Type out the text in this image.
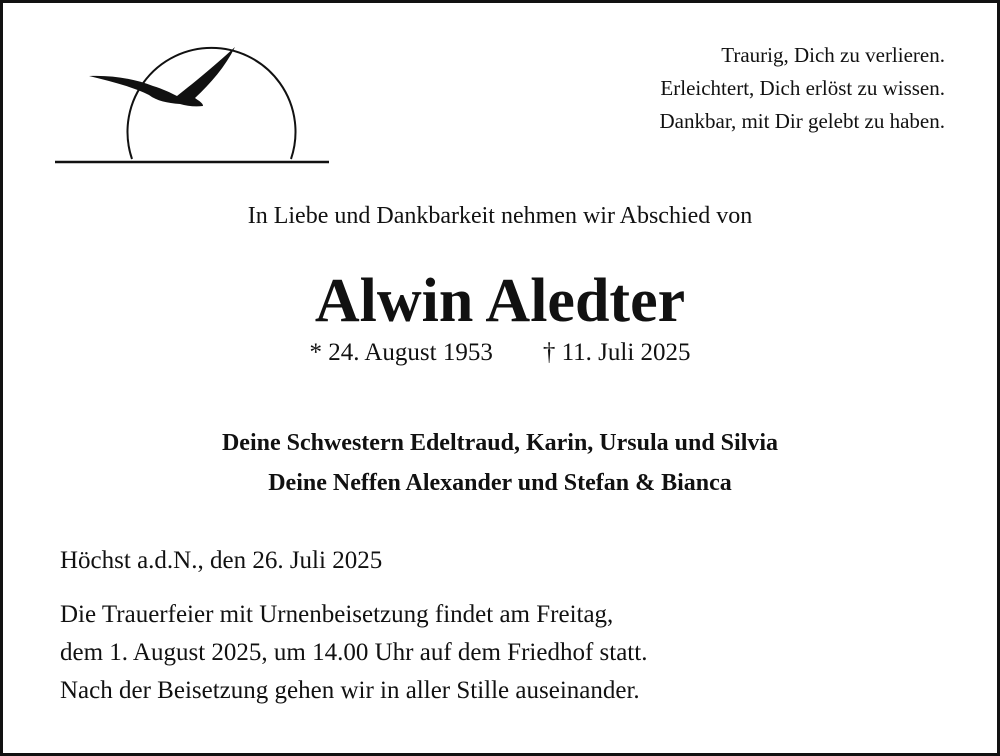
Traurig, Dich zu verlieren.
Erleichtert, Dich erlöst zu wissen.
Dankbar, mit Dir gelebt zu haben.
In Liebe und Dankbarkeit nehmen wir Abschied von
Alwin Aledter
* 24. August 1953 † 11. Juli 2025
Deine Schwestern Edeltraud, Karin, Ursula und Silvia
Deine Neffen Alexander und Stefan & Bianca
Höchst a.d.N., den 26. Juli 2025
Die Trauerfeier mit Urnenbeisetzung findet am Freitag,
dem 1. August 2025, um 14.00 Uhr auf dem Friedhof statt.
Nach der Beisetzung gehen wir in aller Stille auseinander.
